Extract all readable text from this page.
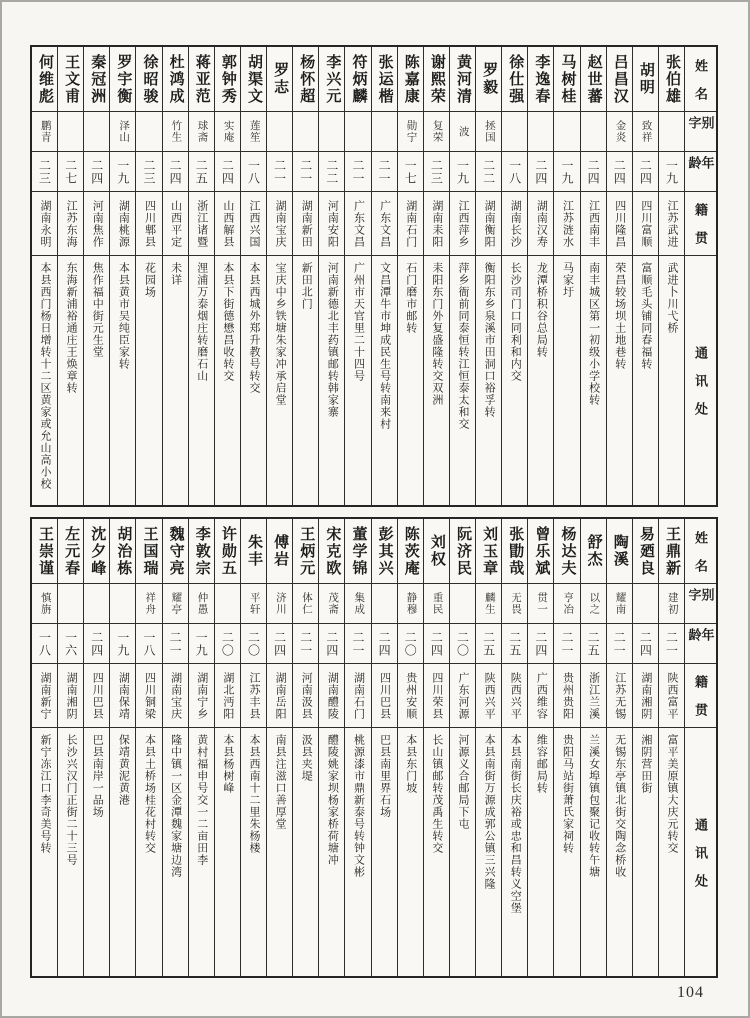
姓 名
别 字
年 龄
籍 贯
通 讯 处
张伯雄
一九
江苏武进
武进卜川弋桥
胡明
致祥
二四
四川富顺
富顺毛头铺同春福转
吕昌汉
金炎
二四
四川隆昌
荣昌较场坝土地巷转
赵世蕃
二四
江西南丰
南丰城区第一初级小学校转
马树桂
一九
江苏涟水
马家圩
李逸春
二四
湖南汉寿
龙潭桥积谷总局转
徐仕强
一八
湖南长沙
长沙司门口同利和内交
罗毅
拯国
二二
湖南衡阳
衡阳东乡泉溪市田洞口裕孚转
黄河清
波
一九
江西萍乡
萍乡衙前同泰恒转江恒泰太和交
谢熙荣
复荣
二三
湖南耒阳
耒阳东门外复盛隆转交双洲
陈嘉康
勋宁
一七
湖南石门
石门磨市邮转
张运楷
二一
广东文昌
文昌潭牛市坤成民生号转南来村
符炳麟
二一
广东文昌
广州市天官里二十四号
李兴元
二二
河南安阳
河南新德北丰药镇邮转韩家寨
杨怀超
二一
湖南新田
新田北门
罗志
二一
湖南宝庆
宝庆中乡铁塘朱家冲承启堂
胡渠文
莲笙
一八
江西兴国
本县西城外郑升教号转交
郭钟秀
实庵
二四
山西解县
本县下街德懋昌收转交
蒋亚范
球斋
二五
浙江诸暨
浬浦万泰烟庄转磨石山
杜鸿成
竹生
二四
山西平定
未详
徐昭骏
二三
四川郫县
花园场
罗宇衡
泽山
一九
湖南桃源
本县黄市吴纯臣家转
秦冠洲
二四
河南焦作
焦作福中街元生堂
王文甫
二七
江苏东海
东海新浦裕通庄王焕章转
何维彪
鹏青
二三
湖南永明
本县西门杨日增转十二区黄家或允山高小校
姓 名
别 字
年 龄
籍 贯
通 讯 处
王鼎新
建初
二一
陕西富平
富平美原镇大庆元转交
易廼良
二四
湖南湘阴
湘阴营田街
陶溪
耀南
二一
江苏无锡
无锡东亭镇北街交陶念桥收
舒杰
以之
二五
浙江兰溪
兰溪女埠镇包聚记收转午塘
杨达夫
亨冶
二一
贵州贵阳
贵阳马站街萧氏家祠转
曾乐斌
贯一
二四
广西维容
维容邮局转
张勖哉
无畏
二五
陕西兴平
本县南街长庆裕或忠和昌转义空堡
刘玉章
麟生
二五
陕西兴平
本县南街万源成郭公镇三兴隆
阮济民
二〇
广东河源
河源义合邮局下屯
刘权
重民
二四
四川荣县
长山镇邮转茂禹生转交
陈茨庵
静穆
二〇
贵州安顺
本县东门坡
彭其兴
二四
四川巴县
巴县南里界石场
董学锦
集成
二一
湖南石门
桃源漆市鼎新泰号转钟文彬
宋克欧
茂斋
二四
湖南醴陵
醴陵姚家坝杨家桥荷塘冲
王炳元
体仁
二一
河南汲县
汲县夹堤
傅岩
济川
二四
湖南岳阳
南县注滋口善厚堂
朱丰
平轩
二〇
江苏丰县
本县西南十二里朱杨楼
许勋五
二〇
湖北沔阳
本县杨树峰
李敦宗
仲愚
一九
湖南宁乡
黄村福申号交一二亩田李
魏守亮
耀亭
二一
湖南宝庆
隆中镇一区金潭魏家塘边湾
王国瑞
祥舟
一八
四川铜梁
本县土桥场桂花村转交
胡治栋
一九
湖南保靖
保靖黄泥黄港
沈夕峰
二四
四川巴县
巴县南岸一品场
左元春
一六
湖南湘阴
长沙兴汉门正街二十三号
王崇谨
慎旃
一八
湖南新宁
新宁冻江口李奇美号转
104
